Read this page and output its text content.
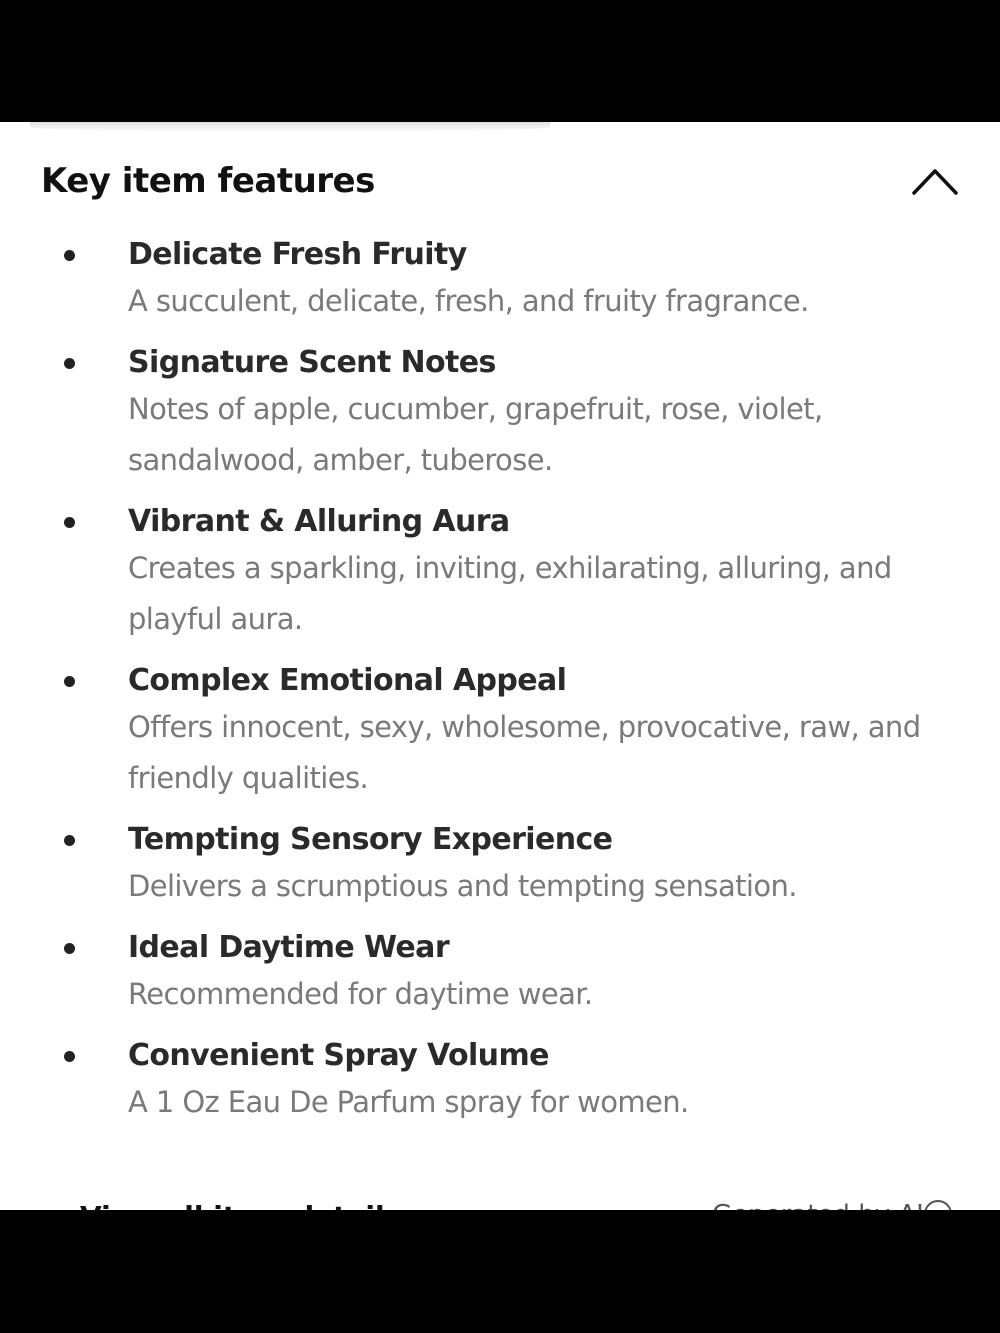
Key item features
Delicate Fresh Fruity
A succulent, delicate, fresh, and fruity fragrance.
Signature Scent Notes
Notes of apple, cucumber, grapefruit, rose, violet, sandalwood, amber, tuberose.
Vibrant & Alluring Aura
Creates a sparkling, inviting, exhilarating, alluring, and playful aura.
Complex Emotional Appeal
Offers innocent, sexy, wholesome, provocative, raw, and friendly qualities.
Tempting Sensory Experience
Delivers a scrumptious and tempting sensation.
Ideal Daytime Wear
Recommended for daytime wear.
Convenient Spray Volume
A 1 Oz Eau De Parfum spray for women.
